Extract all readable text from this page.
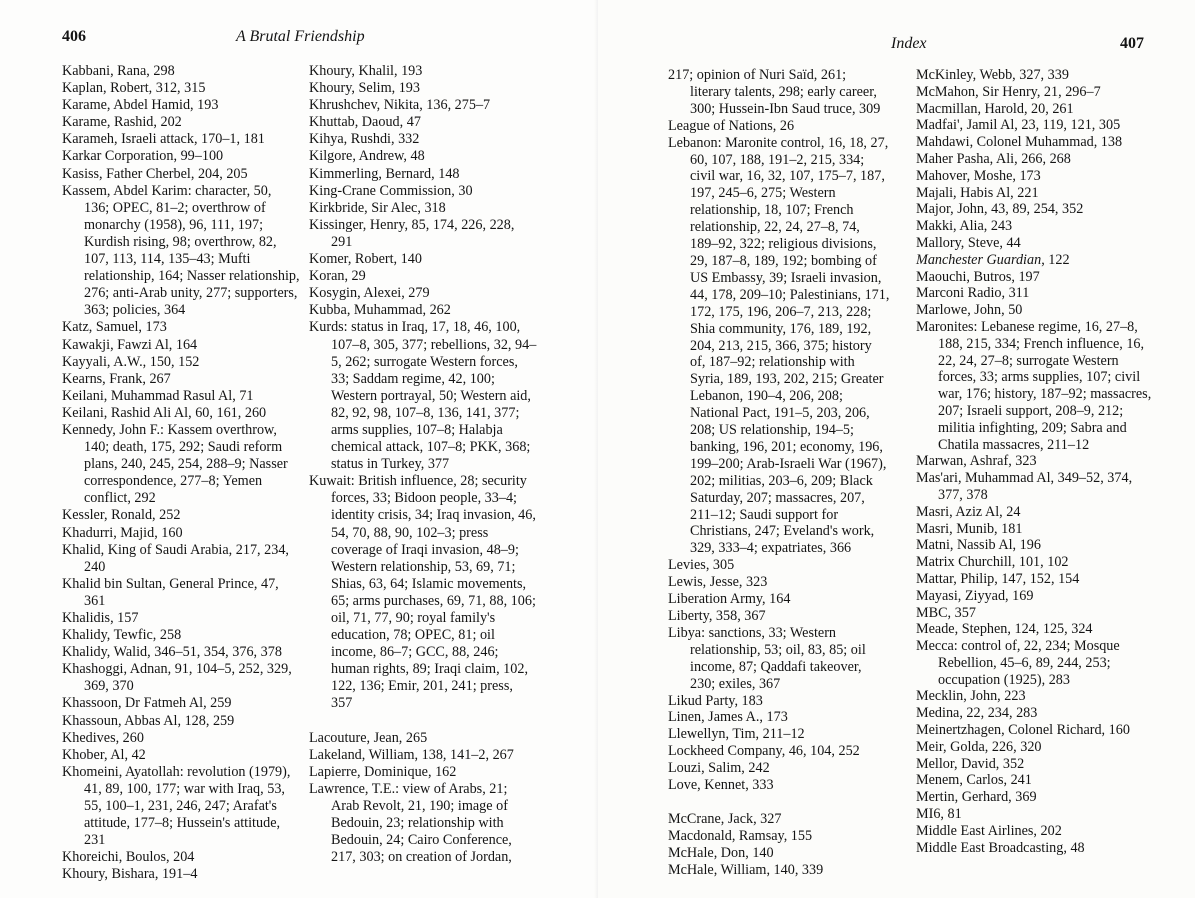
406	A Brutal Friendship
Kabbani, Rana, 298
Kaplan, Robert, 312, 315
Karame, Abdel Hamid, 193
Karame, Rashid, 202
Karameh, Israeli attack, 170–1, 181
Karkar Corporation, 99–100
Kasiss, Father Cherbel, 204, 205
Kassem, Abdel Karim: character, 50, 136; OPEC, 81–2; overthrow of monarchy (1958), 96, 111, 197; Kurdish rising, 98; overthrow, 82, 107, 113, 114, 135–43; Mufti relationship, 164; Nasser relationship, 276; anti-Arab unity, 277; supporters, 363; policies, 364
Katz, Samuel, 173
Kawakji, Fawzi Al, 164
Kayyali, A.W., 150, 152
Kearns, Frank, 267
Keilani, Muhammad Rasul Al, 71
Keilani, Rashid Ali Al, 60, 161, 260
Kennedy, John F.: Kassem overthrow, 140; death, 175, 292; Saudi reform plans, 240, 245, 254, 288–9; Nasser correspondence, 277–8; Yemen conflict, 292
Kessler, Ronald, 252
Khadurri, Majid, 160
Khalid, King of Saudi Arabia, 217, 234, 240
Khalid bin Sultan, General Prince, 47, 361
Khalidis, 157
Khalidy, Tewfic, 258
Khalidy, Walid, 346–51, 354, 376, 378
Khashoggi, Adnan, 91, 104–5, 252, 329, 369, 370
Khassoon, Dr Fatmeh Al, 259
Khassoun, Abbas Al, 128, 259
Khedives, 260
Khober, Al, 42
Khomeini, Ayatollah: revolution (1979), 41, 89, 100, 177; war with Iraq, 53, 55, 100–1, 231, 246, 247; Arafat's attitude, 177–8; Hussein's attitude, 231
Khoreichi, Boulos, 204
Khoury, Bishara, 191–4
Khoury, Khalil, 193
Khoury, Selim, 193
Khrushchev, Nikita, 136, 275–7
Khuttab, Daoud, 47
Kihya, Rushdi, 332
Kilgore, Andrew, 48
Kimmerling, Bernard, 148
King-Crane Commission, 30
Kirkbride, Sir Alec, 318
Kissinger, Henry, 85, 174, 226, 228, 291
Komer, Robert, 140
Koran, 29
Kosygin, Alexei, 279
Kubba, Muhammad, 262
Kurds: status in Iraq, 17, 18, 46, 100, 107–8, 305, 377; rebellions, 32, 94–5, 262; surrogate Western forces, 33; Saddam regime, 42, 100; Western portrayal, 50; Western aid, 82, 92, 98, 107–8, 136, 141, 377; arms supplies, 107–8; Halabja chemical attack, 107–8; PKK, 368; status in Turkey, 377
Kuwait: British influence, 28; security forces, 33; Bidoon people, 33–4; identity crisis, 34; Iraq invasion, 46, 54, 70, 88, 90, 102–3; press coverage of Iraqi invasion, 48–9; Western relationship, 53, 69, 71; Shias, 63, 64; Islamic movements, 65; arms purchases, 69, 71, 88, 106; oil, 71, 77, 90; royal family's education, 78; OPEC, 81; oil income, 86–7; GCC, 88, 246; human rights, 89; Iraqi claim, 102, 122, 136; Emir, 201, 241; press, 357
Lacouture, Jean, 265
Lakeland, William, 138, 141–2, 267
Lapierre, Dominique, 162
Lawrence, T.E.: view of Arabs, 21; Arab Revolt, 21, 190; image of Bedouin, 23; relationship with Bedouin, 24; Cairo Conference, 217, 303; on creation of Jordan,
Index	407
217; opinion of Nuri Saïd, 261; literary talents, 298; early career, 300; Hussein-Ibn Saud truce, 309
League of Nations, 26
Lebanon: Maronite control, 16, 18, 27, 60, 107, 188, 191–2, 215, 334; civil war, 16, 32, 107, 175–7, 187, 197, 245–6, 275; Western relationship, 18, 107; French relationship, 22, 24, 27–8, 74, 189–92, 322; religious divisions, 29, 187–8, 189, 192; bombing of US Embassy, 39; Israeli invasion, 44, 178, 209–10; Palestinians, 171, 172, 175, 196, 206–7, 213, 228; Shia community, 176, 189, 192, 204, 213, 215, 366, 375; history of, 187–92; relationship with Syria, 189, 193, 202, 215; Greater Lebanon, 190–4, 206, 208; National Pact, 191–5, 203, 206, 208; US relationship, 194–5; banking, 196, 201; economy, 196, 199–200; Arab-Israeli War (1967), 202; militias, 203–6, 209; Black Saturday, 207; massacres, 207, 211–12; Saudi support for Christians, 247; Eveland's work, 329, 333–4; expatriates, 366
Levies, 305
Lewis, Jesse, 323
Liberation Army, 164
Liberty, 358, 367
Libya: sanctions, 33; Western relationship, 53; oil, 83, 85; oil income, 87; Qaddafi takeover, 230; exiles, 367
Likud Party, 183
Linen, James A., 173
Llewellyn, Tim, 211–12
Lockheed Company, 46, 104, 252
Louzi, Salim, 242
Love, Kennet, 333
McCrane, Jack, 327
Macdonald, Ramsay, 155
McHale, Don, 140
McHale, William, 140, 339
McKinley, Webb, 327, 339
McMahon, Sir Henry, 21, 296–7
Macmillan, Harold, 20, 261
Madfai', Jamil Al, 23, 119, 121, 305
Mahdawi, Colonel Muhammad, 138
Maher Pasha, Ali, 266, 268
Mahover, Moshe, 173
Majali, Habis Al, 221
Major, John, 43, 89, 254, 352
Makki, Alia, 243
Mallory, Steve, 44
Manchester Guardian, 122
Maouchi, Butros, 197
Marconi Radio, 311
Marlowe, John, 50
Maronites: Lebanese regime, 16, 27–8, 188, 215, 334; French influence, 16, 22, 24, 27–8; surrogate Western forces, 33; arms supplies, 107; civil war, 176; history, 187–92; massacres, 207; Israeli support, 208–9, 212; militia infighting, 209; Sabra and Chatila massacres, 211–12
Marwan, Ashraf, 323
Mas'ari, Muhammad Al, 349–52, 374, 377, 378
Masri, Aziz Al, 24
Masri, Munib, 181
Matni, Nassib Al, 196
Matrix Churchill, 101, 102
Mattar, Philip, 147, 152, 154
Mayasi, Ziyyad, 169
MBC, 357
Meade, Stephen, 124, 125, 324
Mecca: control of, 22, 234; Mosque Rebellion, 45–6, 89, 244, 253; occupation (1925), 283
Mecklin, John, 223
Medina, 22, 234, 283
Meinertzhagen, Colonel Richard, 160
Meir, Golda, 226, 320
Mellor, David, 352
Menem, Carlos, 241
Mertin, Gerhard, 369
MI6, 81
Middle East Airlines, 202
Middle East Broadcasting, 48
